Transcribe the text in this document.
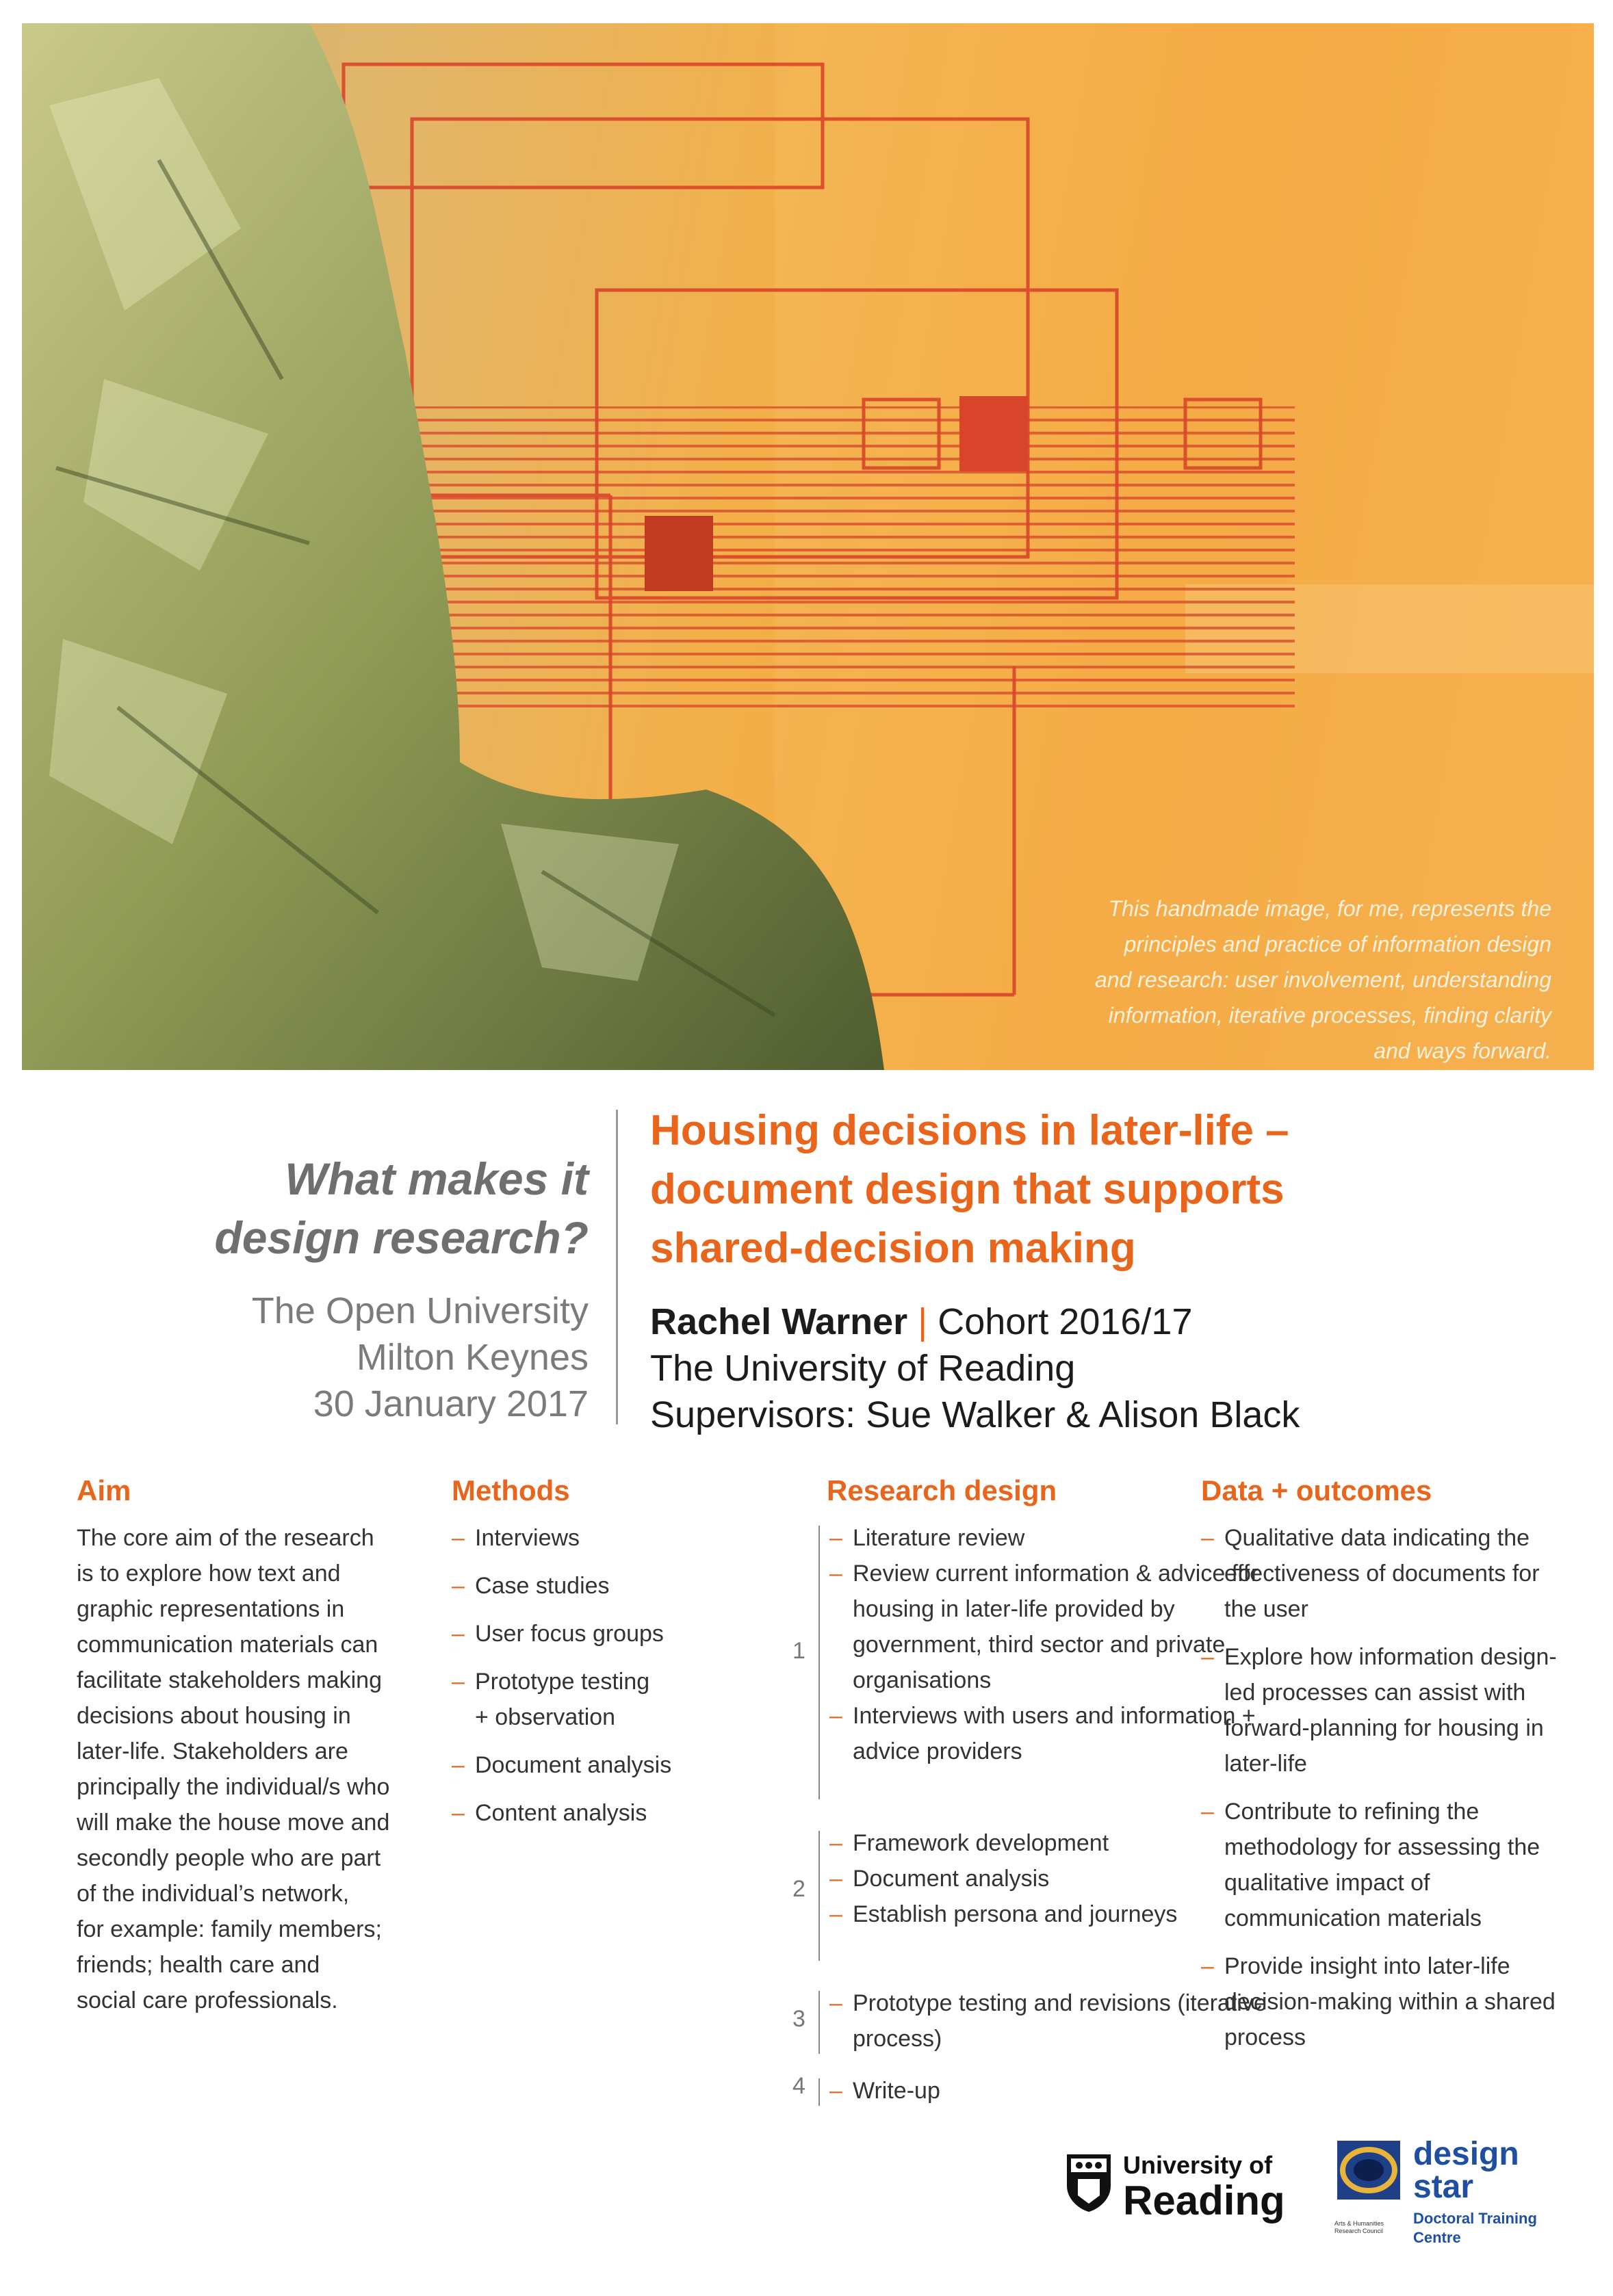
This handmade image, for me, represents the
principles and practice of information design
and research: user involvement, understanding
information, iterative processes, finding clarity
and ways forward.
What makes it
design research?
The Open University
Milton Keynes
30 January 2017
Housing decisions in later-life –
document design that supports
shared-decision making
Rachel Warner | Cohort 2016/17
The University of Reading
Supervisors: Sue Walker & Alison Black
Aim
The core aim of the research
is to explore how text and
graphic representations in
communication materials can
facilitate stakeholders making
decisions about housing in
later-life. Stakeholders are
principally the individual/s who
will make the house move and
secondly people who are part
of the individual’s network,
for example: family members;
friends; health care and
social care professionals.
Methods
– Interviews
– Case studies
– User focus groups
– Prototype testing
+ observation
– Document analysis
– Content analysis
Research design
1
– Literature review
– Review current information & advice for housing in later-life provided by government, third sector and private organisations
– Interviews with users and information + advice providers
2
– Framework development
– Document analysis
– Establish persona and journeys
3
– Prototype testing and revisions (iterative process)
4
–	Write-up
Data + outcomes
– Qualitative data indicating the effectiveness of documents for the user
– Explore how information design-led processes can assist with forward-planning for housing in later-life
– Contribute to refining the methodology for assessing the qualitative impact of communication materials
– Provide insight into later-life decision-making within a shared process
University of
Reading	Arts & Humanities Research Council
design
star
Doctoral Training Centre
